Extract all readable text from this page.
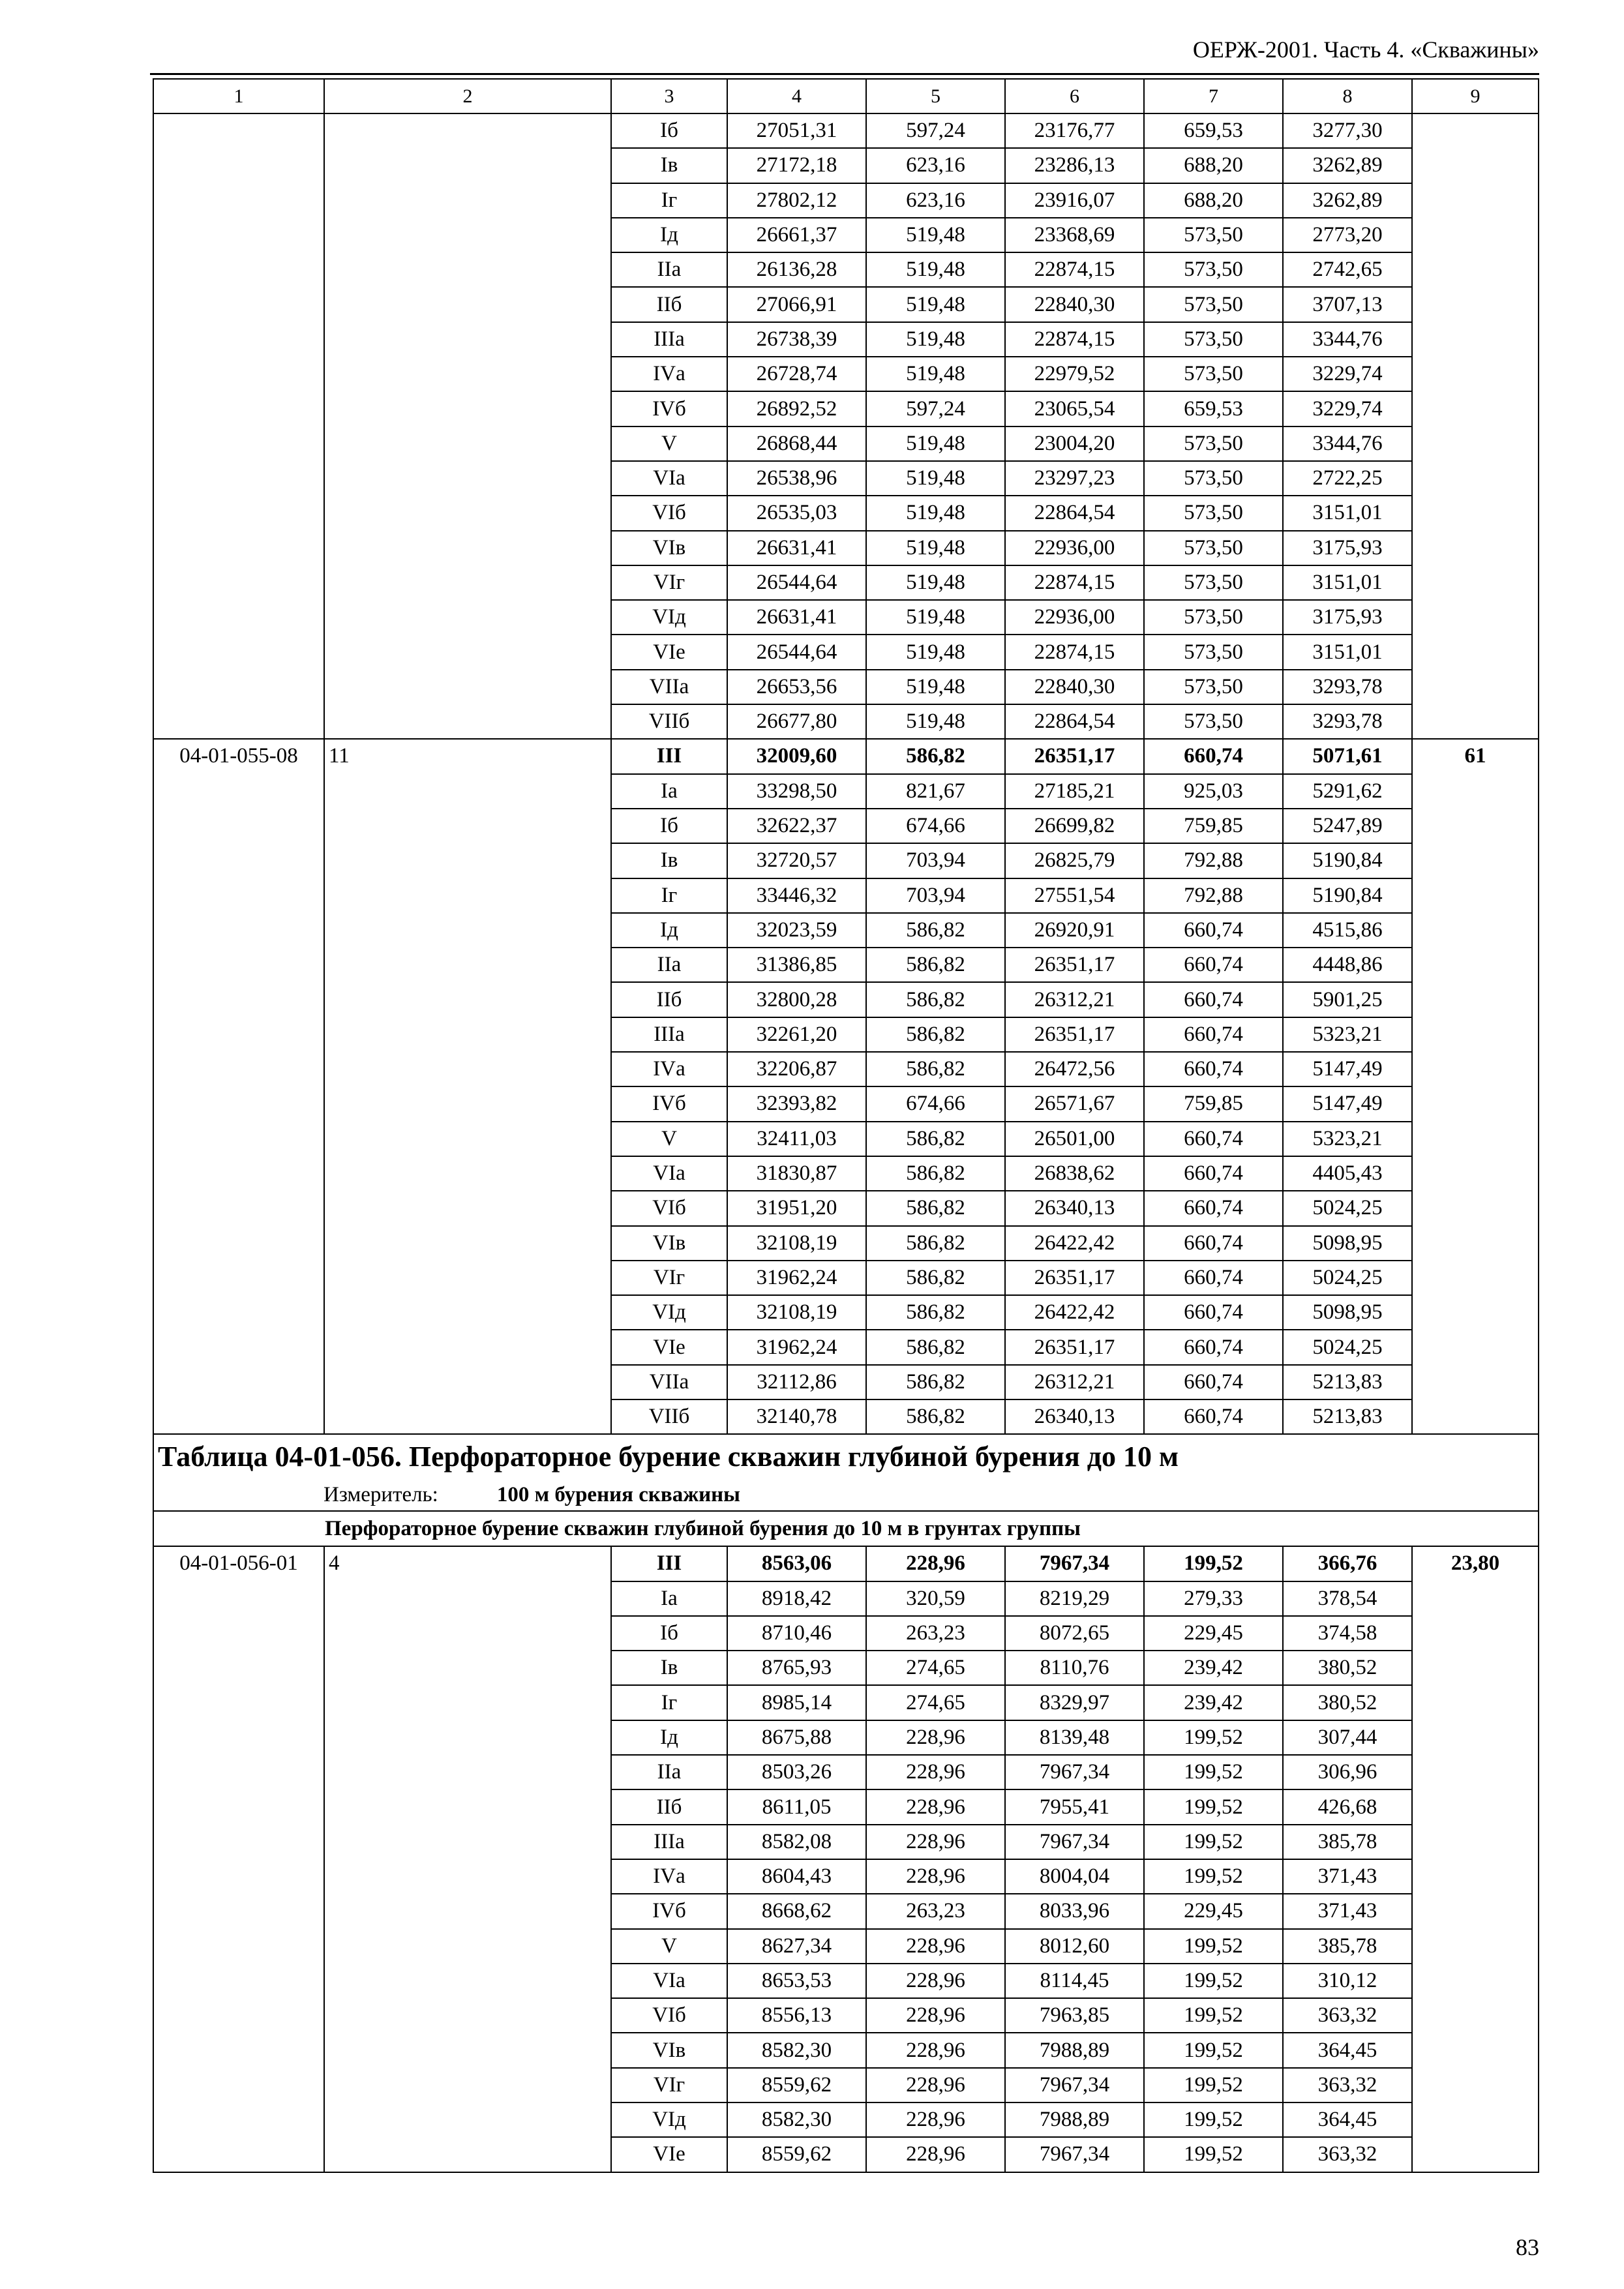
ОЕРЖ-2001. Часть 4. «Скважины»
1	2	3	4	5	6	7	8	9
		Iб	27051,31	597,24	23176,77	659,53	3277,30	
		Iв	27172,18	623,16	23286,13	688,20	3262,89	
		Iг	27802,12	623,16	23916,07	688,20	3262,89	
		Iд	26661,37	519,48	23368,69	573,50	2773,20	
		IIа	26136,28	519,48	22874,15	573,50	2742,65	
		IIб	27066,91	519,48	22840,30	573,50	3707,13	
		IIIа	26738,39	519,48	22874,15	573,50	3344,76	
		IVа	26728,74	519,48	22979,52	573,50	3229,74	
		IVб	26892,52	597,24	23065,54	659,53	3229,74	
		V	26868,44	519,48	23004,20	573,50	3344,76	
		VIа	26538,96	519,48	23297,23	573,50	2722,25	
		VIб	26535,03	519,48	22864,54	573,50	3151,01	
		VIв	26631,41	519,48	22936,00	573,50	3175,93	
		VIг	26544,64	519,48	22874,15	573,50	3151,01	
		VIд	26631,41	519,48	22936,00	573,50	3175,93	
		VIе	26544,64	519,48	22874,15	573,50	3151,01	
		VIIа	26653,56	519,48	22840,30	573,50	3293,78	
		VIIб	26677,80	519,48	22864,54	573,50	3293,78	
04-01-055-08	11	III	32009,60	586,82	26351,17	660,74	5071,61	61
		Iа	33298,50	821,67	27185,21	925,03	5291,62	
		Iб	32622,37	674,66	26699,82	759,85	5247,89	
		Iв	32720,57	703,94	26825,79	792,88	5190,84	
		Iг	33446,32	703,94	27551,54	792,88	5190,84	
		Iд	32023,59	586,82	26920,91	660,74	4515,86	
		IIа	31386,85	586,82	26351,17	660,74	4448,86	
		IIб	32800,28	586,82	26312,21	660,74	5901,25	
		IIIа	32261,20	586,82	26351,17	660,74	5323,21	
		IVа	32206,87	586,82	26472,56	660,74	5147,49	
		IVб	32393,82	674,66	26571,67	759,85	5147,49	
		V	32411,03	586,82	26501,00	660,74	5323,21	
		VIа	31830,87	586,82	26838,62	660,74	4405,43	
		VIб	31951,20	586,82	26340,13	660,74	5024,25	
		VIв	32108,19	586,82	26422,42	660,74	5098,95	
		VIг	31962,24	586,82	26351,17	660,74	5024,25	
		VIд	32108,19	586,82	26422,42	660,74	5098,95	
		VIе	31962,24	586,82	26351,17	660,74	5024,25	
		VIIа	32112,86	586,82	26312,21	660,74	5213,83	
		VIIб	32140,78	586,82	26340,13	660,74	5213,83	
Таблица 04-01-056. Перфораторное бурение скважин глубиной бурения до 10 м								
Измеритель: 100 м бурения скважины								
Перфораторное бурение скважин глубиной бурения до 10 м в грунтах группы								
04-01-056-01	4	III	8563,06	228,96	7967,34	199,52	366,76	23,80
		Iа	8918,42	320,59	8219,29	279,33	378,54	
		Iб	8710,46	263,23	8072,65	229,45	374,58	
		Iв	8765,93	274,65	8110,76	239,42	380,52	
		Iг	8985,14	274,65	8329,97	239,42	380,52	
		Iд	8675,88	228,96	8139,48	199,52	307,44	
		IIа	8503,26	228,96	7967,34	199,52	306,96	
		IIб	8611,05	228,96	7955,41	199,52	426,68	
		IIIа	8582,08	228,96	7967,34	199,52	385,78	
		IVа	8604,43	228,96	8004,04	199,52	371,43	
		IVб	8668,62	263,23	8033,96	229,45	371,43	
		V	8627,34	228,96	8012,60	199,52	385,78	
		VIа	8653,53	228,96	8114,45	199,52	310,12	
		VIб	8556,13	228,96	7963,85	199,52	363,32	
		VIв	8582,30	228,96	7988,89	199,52	364,45	
		VIг	8559,62	228,96	7967,34	199,52	363,32	
		VIд	8582,30	228,96	7988,89	199,52	364,45	
		VIе	8559,62	228,96	7967,34	199,52	363,32	
83
